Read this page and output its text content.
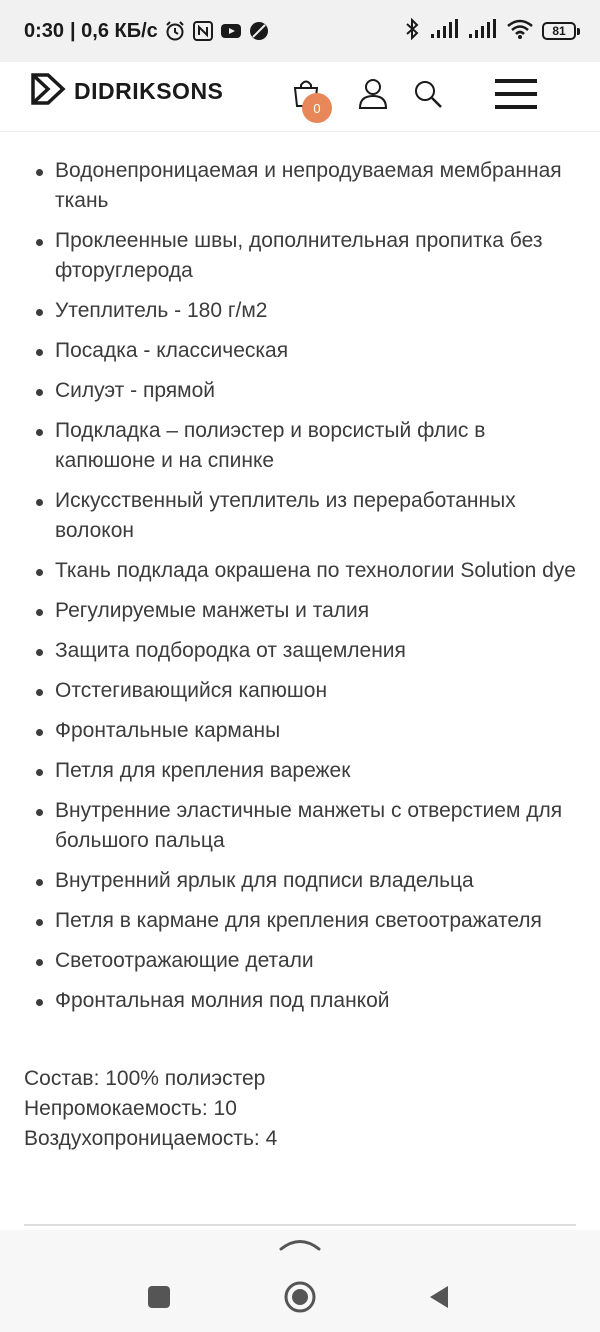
0:30 | 0,6 КБ/с	81
DIDRIKSONS
0
Водонепроницаемая и непродуваемая мембранная ткань
Проклеенные швы, дополнительная пропитка без фторуглерода
Утеплитель - 180 г/м2
Посадка - классическая
Силуэт - прямой
Подкладка – полиэстер и ворсистый флис в капюшоне и на спинке
Искусственный утеплитель из переработанных волокон
Ткань подклада окрашена по технологии Solution dye
Регулируемые манжеты и талия
Защита подбородка от защемления
Отстегивающийся капюшон
Фронтальные карманы
Петля для крепления варежек
Внутренние эластичные манжеты с отверстием для большого пальца
Внутренний ярлык для подписи владельца
Петля в кармане для крепления светоотражателя
Светоотражающие детали
Фронтальная молния под планкой
Состав: 100% полиэстер
Непромокаемость: 10
Воздухопроницаемость: 4
